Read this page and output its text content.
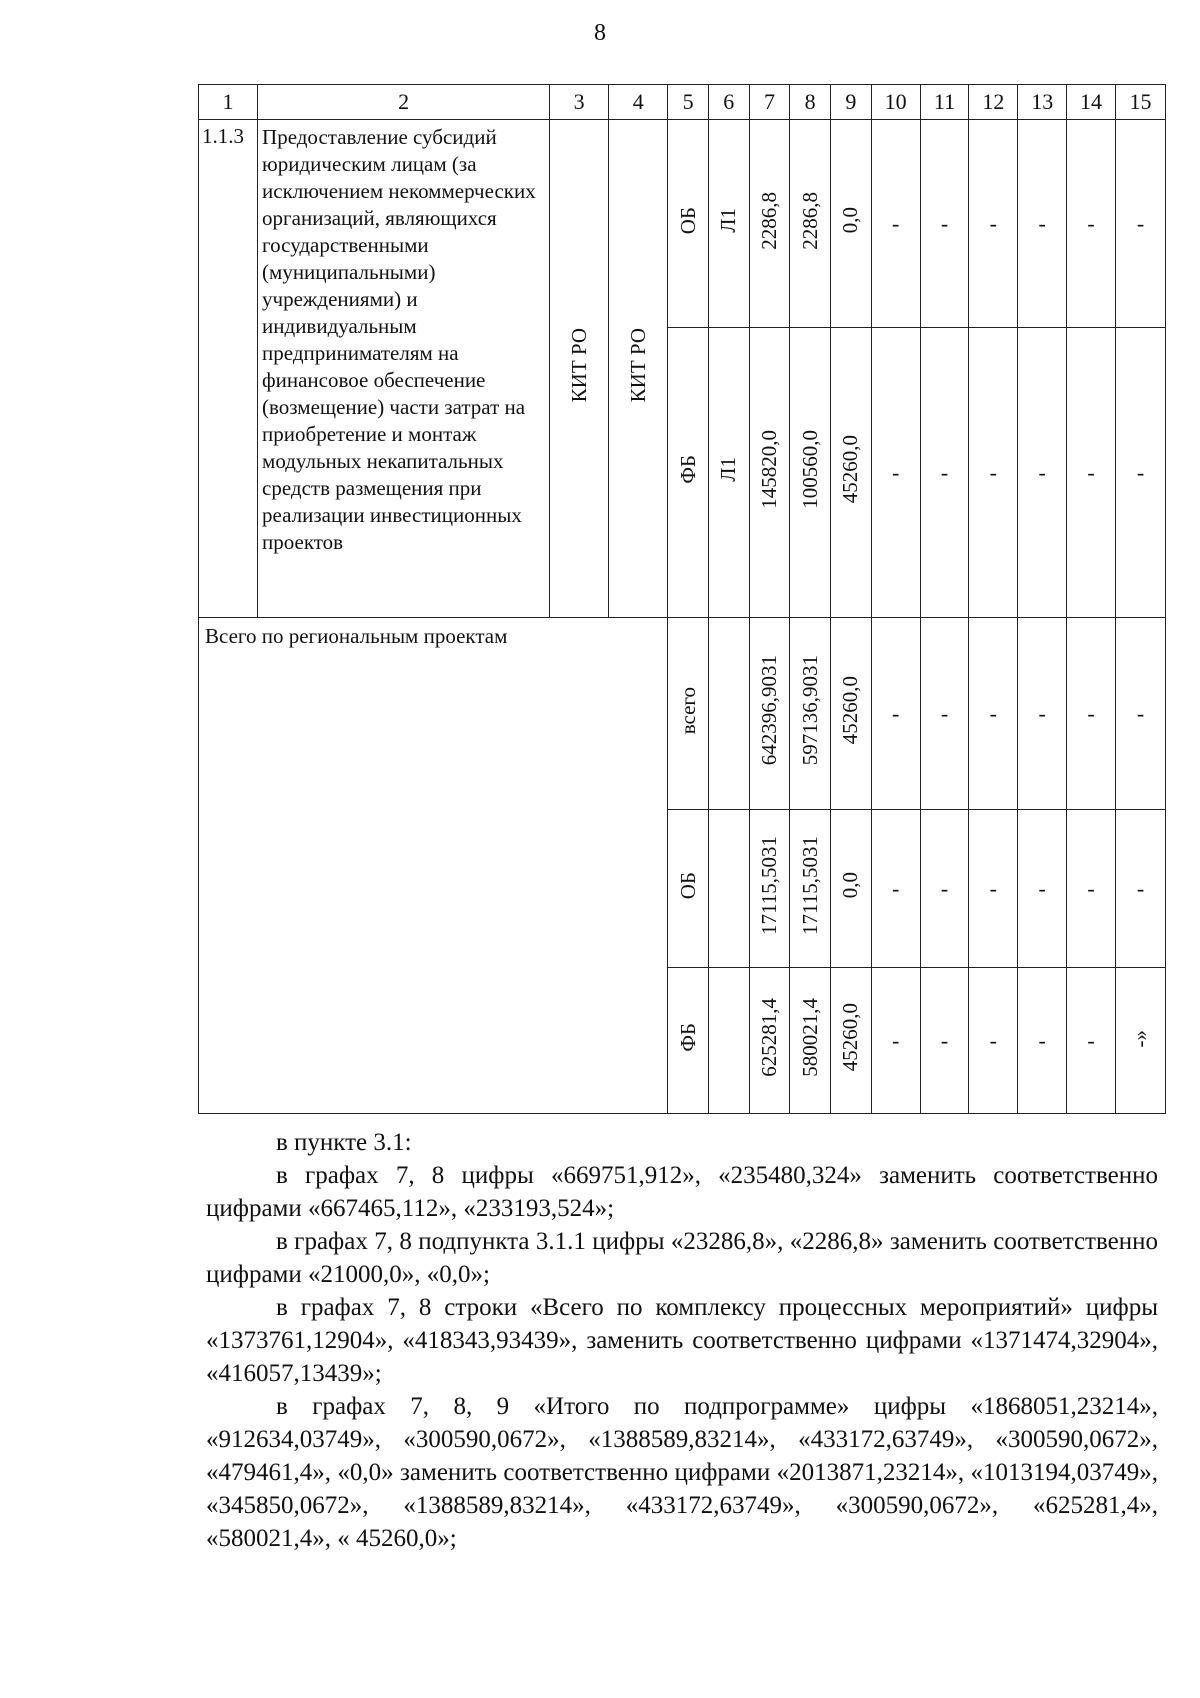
8
1	2	3	4	5	6	7	8	9	10	11	12	13	14	15
1.1.3	Предоставление субсидий юридическим лицам (за исключением некоммерческих организаций, являющихся государственными (муниципальными) учреждениями) и индивидуальным предпринимателям на финансовое обеспечение (возмещение) части затрат на приобретение и монтаж модульных некапитальных средств размещения при реализации инвестиционных проектов	КИТ РО	КИТ РО	ОБ	Л1	2286,8	2286,8	0,0	-	-	-	-	-	-
				ФБ	Л1	145820,0	100560,0	45260,0	-	-	-	-	-	-
Всего по региональным проектам				всего		642396,9031	597136,9031	45260,0	-	-	-	-	-	-
				ОБ		17115,5031	17115,5031	0,0	-	-	-	-	-	-
				ФБ		625281,4	580021,4	45260,0	-	-	-	-	-	-»

в пункте 3.1:

в графах 7, 8 цифры «669751,912», «235480,324» заменить соответственно цифрами «667465,112», «233193,524»;

в графах 7, 8 подпункта 3.1.1 цифры «23286,8», «2286,8» заменить соответственно цифрами «21000,0», «0,0»;

в графах 7, 8 строки «Всего по комплексу процессных мероприятий» цифры «1373761,12904», «418343,93439», заменить соответственно цифрами «1371474,32904», «416057,13439»;

в графах 7, 8, 9 «Итого по подпрограмме» цифры «1868051,23214», «912634,03749», «300590,0672», «1388589,83214», «433172,63749», «300590,0672», «479461,4», «0,0» заменить соответственно цифрами «2013871,23214», «1013194,03749», «345850,0672», «1388589,83214», «433172,63749», «300590,0672», «625281,4», «580021,4», « 45260,0»;
